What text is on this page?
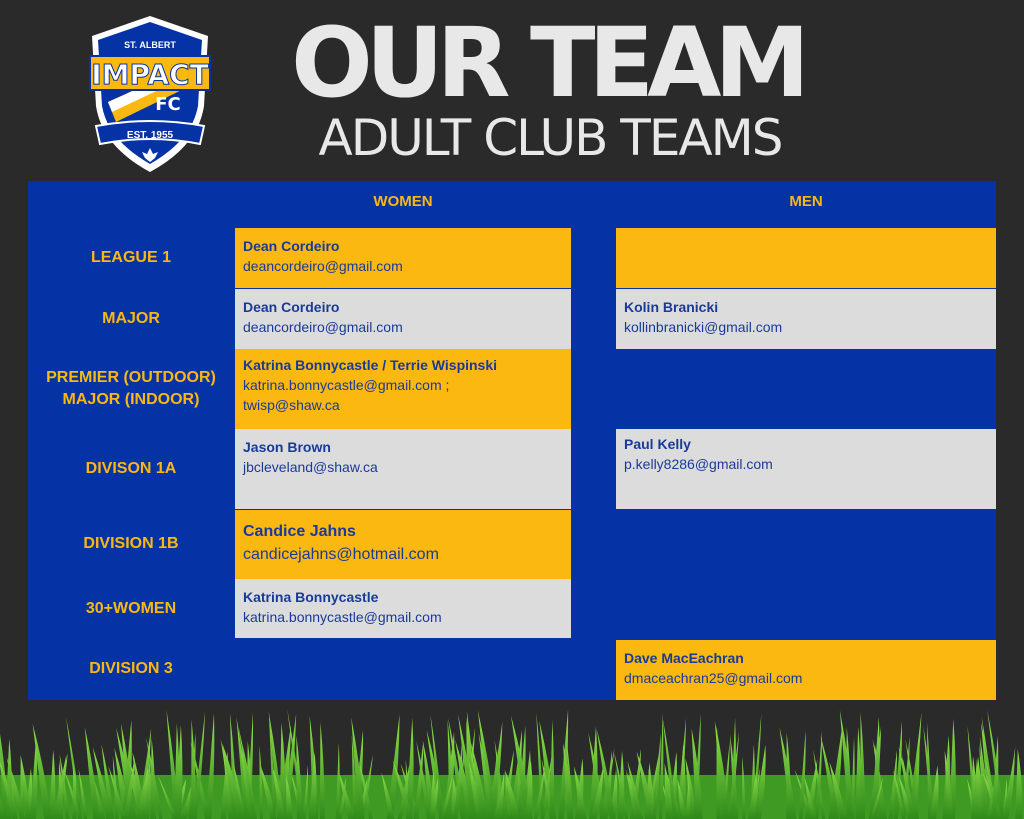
ST. ALBERT
IMPACT
FC
EST. 1955
OUR TEAM
ADULT CLUB TEAMS
WOMEN	MEN
LEAGUE 1
MAJOR
PREMIER (OUTDOOR)
MAJOR (INDOOR)
DIVISON 1A
DIVISION 1B
30+WOMEN
DIVISION 3
Dean Cordeiro
deancordeiro@gmail.com
Dean Cordeiro
deancordeiro@gmail.com
Katrina Bonnycastle / Terrie Wispinski
katrina.bonnycastle@gmail.com ;
twisp@shaw.ca
Jason Brown
jbcleveland@shaw.ca
Candice Jahns
candicejahns@hotmail.com
Katrina Bonnycastle
katrina.bonnycastle@gmail.com
Kolin Branicki
kollinbranicki@gmail.com
Paul Kelly
p.kelly8286@gmail.com
Dave MacEachran
dmaceachran25@gmail.com
